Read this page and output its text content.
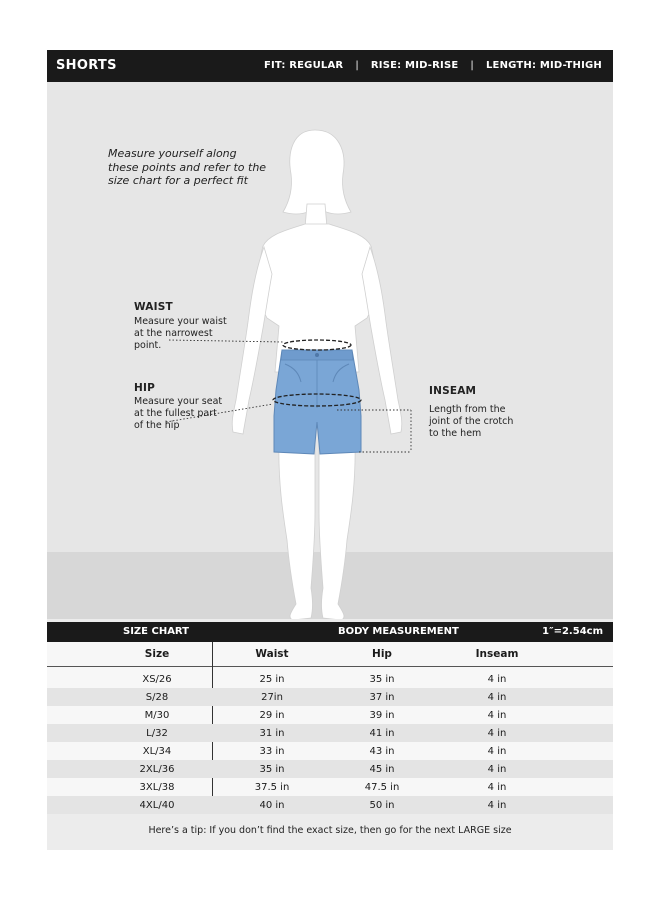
SHORTS	FIT: REGULAR | RISE: MID-RISE | LENGTH: MID-THIGH
Measure yourself along these points and refer to the size chart for a perfect fit
WAIST
Measure your waist at the narrowest point.
HIP
Measure your seat at the fullest part of the hip
INSEAM
Length from the joint of the crotch to the hem
SIZE CHART	BODY MEASUREMENT	1″=2.54cm
Size	Waist	Hip	Inseam
XS/26	25 in	35 in	4 in
S/28	27in	37 in	4 in
M/30	29 in	39 in	4 in
L/32	31 in	41 in	4 in
XL/34	33 in	43 in	4 in
2XL/36	35 in	45 in	4 in
3XL/38	37.5 in	47.5 in	4 in
4XL/40	40 in	50 in	4 in
Here’s a tip: If you don’t find the exact size, then go for the next LARGE size
